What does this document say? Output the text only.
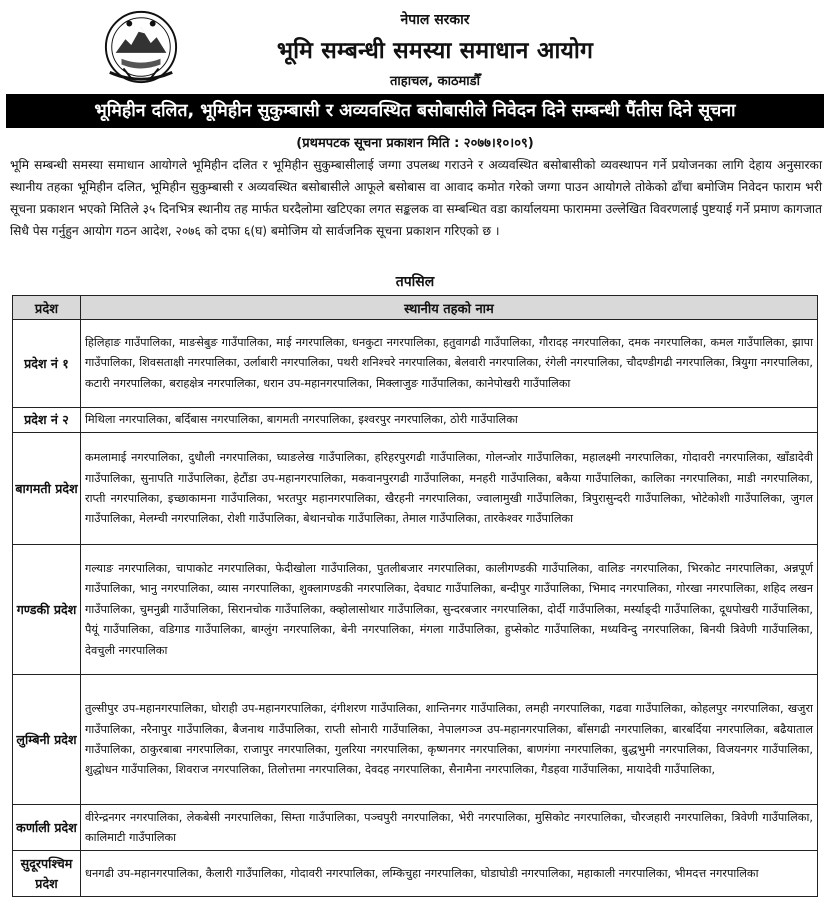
नेपाल सरकार
भूमि सम्बन्धी समस्या समाधान आयोग
ताहाचल, काठमाडौँ
भूमिहीन दलित, भूमिहीन सुकुम्बासी र अव्यवस्थित बसोबासीले निवेदन दिने सम्बन्धी पैंतीस दिने सूचना
(प्रथमपटक सूचना प्रकाशन मिति : २०७७।१०।०९)
भूमि सम्बन्धी समस्या समाधान आयोगले भूमिहीन दलित र भूमिहीन सुकुम्बासीलाई जग्गा उपलब्ध गराउने र अव्यवस्थित बसोबासीको व्यवस्थापन गर्ने प्रयोजनका लागि देहाय अनुसारका स्थानीय तहका भूमिहीन दलित, भूमिहीन सुकुम्बासी र अव्यवस्थित बसोबासीले आफूले बसोबास वा आवाद कमोत गरेको जग्गा पाउन आयोगले तोकेको ढाँचा बमोजिम निवेदन फाराम भरी सूचना प्रकाशन भएको मितिले ३५ दिनभित्र स्थानीय तह मार्फत घरदैलोमा खटिएका लगत सङ्कलक वा सम्बन्धित वडा कार्यालयमा फाराममा उल्लेखित विवरणलाई पुष्टयाई गर्ने प्रमाण कागजात सिधै पेस गर्नुहुन आयोग गठन आदेश, २०७६ को दफा ६(घ) बमोजिम यो सार्वजनिक सूचना प्रकाशन गरिएको छ ।
तपसिल
प्रदेश	स्थानीय तहको नाम
प्रदेश नं १	हिलिहाङ गाउँपालिका, माङसेबुङ गाउँपालिका, माई नगरपालिका, धनकुटा नगरपालिका, हतुवागढी गाउँपालिका, गौरादह नगरपालिका, दमक नगरपालिका, कमल गाउँपालिका, झापा गाउँपालिका, शिवसताक्षी नगरपालिका, उर्लाबारी नगरपालिका, पथरी शनिश्चरे नगरपालिका, बेलवारी नगरपालिका, रंगेली नगरपालिका, चौदण्डीगढी नगरपालिका, त्रियुगा नगरपालिका, कटारी नगरपालिका, बराहक्षेत्र नगरपालिका, धरान उप-महानगरपालिका, मिक्लाजुङ गाउँपालिका, कानेपोखरी गाउँपालिका
प्रदेश नं २	मिथिला नगरपालिका, बर्दिबास नगरपालिका, बागमती नगरपालिका, इश्वरपुर नगरपालिका, ठोरी गाउँपालिका
बागमती प्रदेश	कमलामाई नगरपालिका, दुधौली नगरपालिका, घ्याङलेख गाउँपालिका, हरिहरपुरगढी गाउँपालिका, गोलन्जोर गाउँपालिका, महालक्ष्मी नगरपालिका, गोदावरी नगरपालिका, खाँडादेवी गाउँपालिका, सुनापति गाउँपालिका, हेटौंडा उप-महानगरपालिका, मकवानपुरगढी गाउँपालिका, मनहरी गाउँपालिका, बकैया गाउँपालिका, कालिका नगरपालिका, माडी नगरपालिका, राप्ती नगरपालिका, इच्छाकामना गाउँपालिका, भरतपुर महानगरपालिका, खैरहनी नगरपालिका, ज्वालामुखी गाउँपालिका, त्रिपुरासुन्दरी गाउँपालिका, भोटेकोशी गाउँपालिका, जुगल गाउँपालिका, मेलम्ची नगरपालिका, रोशी गाउँपालिका, बेथानचोक गाउँपालिका, तेमाल गाउँपालिका, तारकेश्वर गाउँपालिका
गण्डकी प्रदेश	गल्याङ नगरपालिका, चापाकोट नगरपालिका, फेदीखोला गाउँपालिका, पुतलीबजार नगरपालिका, कालीगण्डकी गाउँपालिका, वालिङ नगरपालिका, भिरकोट नगरपालिका, अन्नपूर्ण गाउँपालिका, भानु नगरपालिका, व्यास नगरपालिका, शुक्लागण्डकी नगरपालिका, देवघाट गाउँपालिका, बन्दीपुर गाउँपालिका, भिमाद नगरपालिका, गोरखा नगरपालिका, शहिद लखन गाउँपालिका, चुमनुब्री गाउँपालिका, सिरानचोक गाउँपालिका, क्व्होलासोथार गाउँपालिका, सुन्दरबजार नगरपालिका, दोर्दी गाउँपालिका, मर्स्याङ्दी गाउँपालिका, दूधपोखरी गाउँपालिका, पैयूं गाउँपालिका, वडिगाड गाउँपालिका, बाग्लुंग नगरपालिका, बेनी नगरपालिका, मंगला गाउँपालिका, हुप्सेकोट गाउँपालिका, मध्यविन्दु नगरपालिका, बिनयी त्रिवेणी गाउँपालिका, देवचुली नगरपालिका
लुम्बिनी प्रदेश	तुल्सीपुर उप-महानगरपालिका, घोराही उप-महानगरपालिका, दंगीशरण गाउँपालिका, शान्तिनगर गाउँपालिका, लमही नगरपालिका, गढवा गाउँपालिका, कोहलपुर नगरपालिका, खजुरा गाउँपालिका, नरैनापुर गाउँपालिका, बैजनाथ गाउँपालिका, राप्ती सोनारी गाउँपालिका, नेपालगञ्ज उप-महानगरपालिका, बाँसगढी नगरपालिका, बारबर्दिया नगरपालिका, बढैयाताल गाउँपालिका, ठाकुरबाबा नगरपालिका, राजापुर नगरपालिका, गुलरिया नगरपालिका, कृष्णनगर नगरपालिका, बाणगंगा नगरपालिका, बुद्धभुमी नगरपालिका, विजयनगर गाउँपालिका, शुद्धोधन गाउँपालिका, शिवराज नगरपालिका, तिलोत्तमा नगरपालिका, देवदह नगरपालिका, सैनामैना नगरपालिका, गैडहवा गाउँपालिका, मायादेवी गाउँपालिका,
कर्णाली प्रदेश	वीरेन्द्रनगर नगरपालिका, लेकबेसी नगरपालिका, सिम्ता गाउँपालिका, पञ्चपुरी नगरपालिका, भेरी नगरपालिका, मुसिकोट नगरपालिका, चौरजहारी नगरपालिका, त्रिवेणी गाउँपालिका, कालिमाटी गाउँपालिका
सुदूरपश्चिम प्रदेश	धनगढी उप-महानगरपालिका, कैलारी गाउँपालिका, गोदावरी नगरपालिका, लम्किचुहा नगरपालिका, घोडाघोडी नगरपालिका, महाकाली नगरपालिका, भीमदत्त नगरपालिका
